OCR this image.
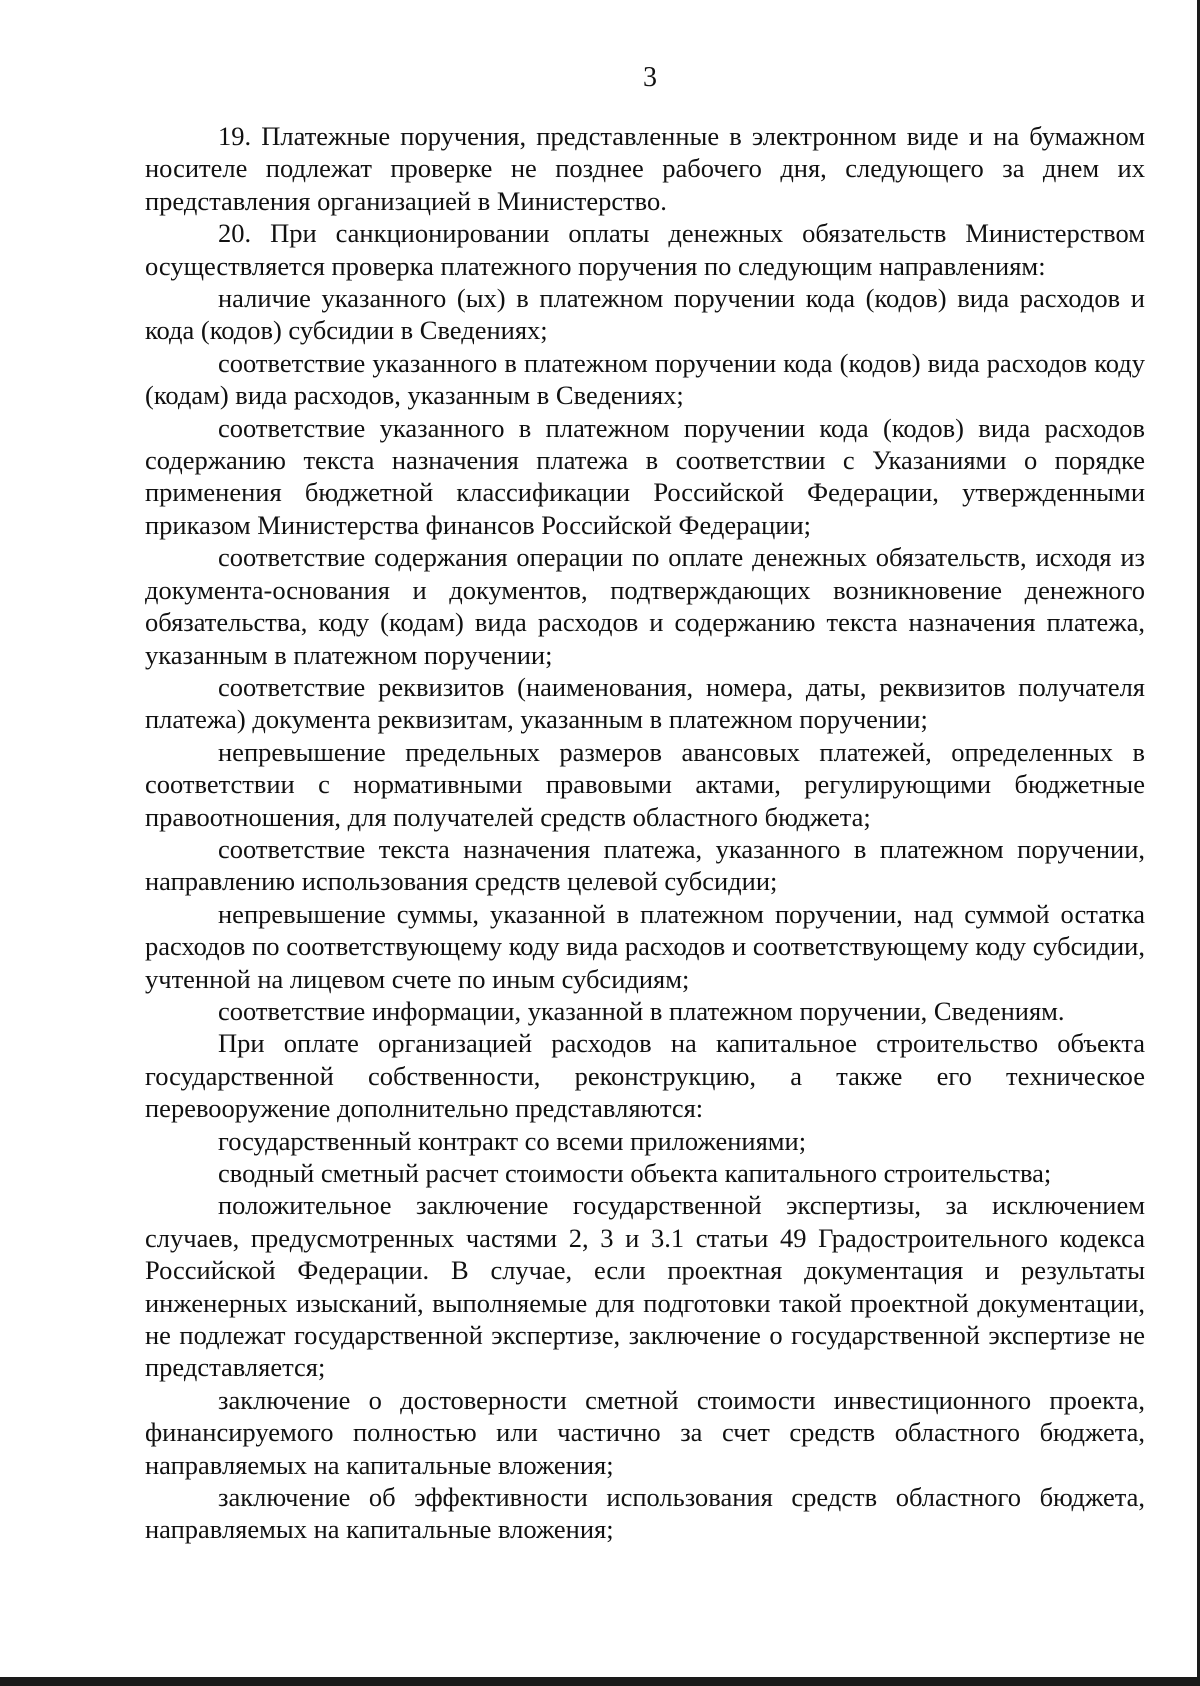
3

19. Платежные поручения, представленные в электронном виде и на бумажном носителе подлежат проверке не позднее рабочего дня, следующего за днем их представления организацией в Министерство.

20. При санкционировании оплаты денежных обязательств Министерством осуществляется проверка платежного поручения по следующим направлениям:

наличие указанного (ых) в платежном поручении кода (кодов) вида расходов и кода (кодов) субсидии в Сведениях;

соответствие указанного в платежном поручении кода (кодов) вида расходов коду (кодам) вида расходов, указанным в Сведениях;

соответствие указанного в платежном поручении кода (кодов) вида расходов содержанию текста назначения платежа в соответствии с Указаниями о порядке применения бюджетной классификации Российской Федерации, утвержденными приказом Министерства финансов Российской Федерации;

соответствие содержания операции по оплате денежных обязательств, исходя из документа-основания и документов, подтверждающих возникновение денежного обязательства, коду (кодам) вида расходов и содержанию текста назначения платежа, указанным в платежном поручении;

соответствие реквизитов (наименования, номера, даты, реквизитов получателя платежа) документа реквизитам, указанным в платежном поручении;

непревышение предельных размеров авансовых платежей, определенных в соответствии с нормативными правовыми актами, регулирующими бюджетные правоотношения, для получателей средств областного бюджета;

соответствие текста назначения платежа, указанного в платежном поручении, направлению использования средств целевой субсидии;

непревышение суммы, указанной в платежном поручении, над суммой остатка расходов по соответствующему коду вида расходов и соответствующему коду субсидии, учтенной на лицевом счете по иным субсидиям;

соответствие информации, указанной в платежном поручении, Сведениям.

При оплате организацией расходов на капитальное строительство объекта государственной собственности, реконструкцию, а также его техническое перевооружение дополнительно представляются:

государственный контракт со всеми приложениями;

сводный сметный расчет стоимости объекта капитального строительства;

положительное заключение государственной экспертизы, за исключением случаев, предусмотренных частями 2, 3 и 3.1 статьи 49 Градостроительного кодекса Российской Федерации. В случае, если проектная документация и результаты инженерных изысканий, выполняемые для подготовки такой проектной документации, не подлежат государственной экспертизе, заключение о государственной экспертизе не представляется;

заключение о достоверности сметной стоимости инвестиционного проекта, финансируемого полностью или частично за счет средств областного бюджета, направляемых на капитальные вложения;

заключение об эффективности использования средств областного бюджета, направляемых на капитальные вложения;
